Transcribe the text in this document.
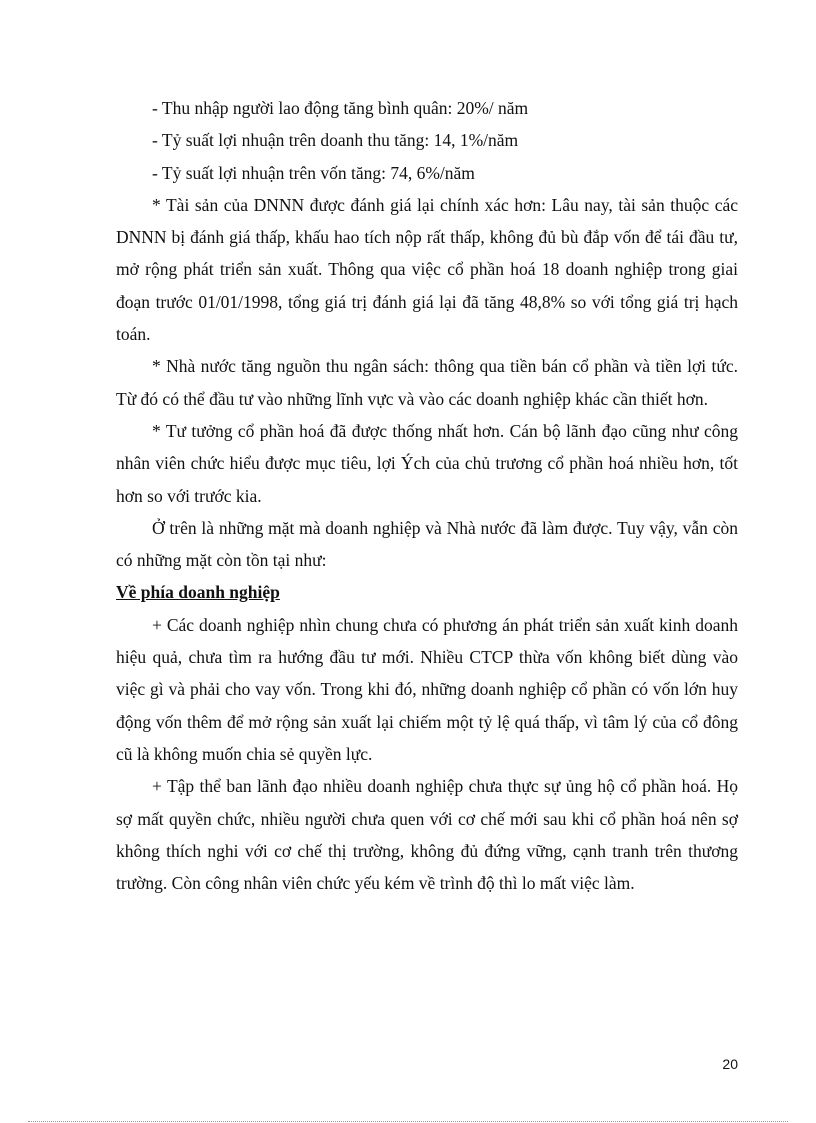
- Thu nhập người lao động tăng bình quân: 20%/ năm

- Tỷ suất lợi nhuận trên doanh thu tăng: 14, 1%/năm

- Tỷ suất lợi nhuận trên vốn tăng: 74, 6%/năm

* Tài sản của DNNN được đánh giá lại chính xác hơn: Lâu nay, tài sản thuộc các DNNN bị đánh giá thấp, khấu hao tích nộp rất thấp, không đủ bù đắp vốn để tái đầu tư, mở rộng phát triển sản xuất. Thông qua việc cổ phần hoá 18 doanh nghiệp trong giai đoạn trước 01/01/1998, tổng giá trị đánh giá lại đã tăng 48,8% so với tổng giá trị hạch toán.

* Nhà nước tăng nguồn thu ngân sách: thông qua tiền bán cổ phần và tiền lợi tức. Từ đó có thể đầu tư vào những lĩnh vực và vào các doanh nghiệp khác cần thiết hơn.

* Tư tưởng cổ phần hoá đã được thống nhất hơn. Cán bộ lãnh đạo cũng như công nhân viên chức hiểu được mục tiêu, lợi Ých của chủ trương cổ phần hoá nhiều hơn, tốt hơn so với trước kia.

Ở trên là những mặt mà doanh nghiệp và Nhà nước đã làm được. Tuy vậy, vẫn còn có những mặt còn tồn tại như:

Về phía doanh nghiệp

+ Các doanh nghiệp nhìn chung chưa có phương án phát triển sản xuất kinh doanh hiệu quả, chưa tìm ra hướng đầu tư mới. Nhiều CTCP thừa vốn không biết dùng vào việc gì và phải cho vay vốn. Trong khi đó, những doanh nghiệp cổ phần có vốn lớn huy động vốn thêm để mở rộng sản xuất lại chiếm một tỷ lệ quá thấp, vì tâm lý của cổ đông cũ là không muốn chia sẻ quyền lực.

+ Tập thể ban lãnh đạo nhiều doanh nghiệp chưa thực sự ủng hộ cổ phần hoá. Họ sợ mất quyền chức, nhiều người chưa quen với cơ chế mới sau khi cổ phần hoá nên sợ không thích nghi với cơ chế thị trường, không đủ đứng vững, cạnh tranh trên thương trường. Còn công nhân viên chức yếu kém về trình độ thì lo mất việc làm.

20
